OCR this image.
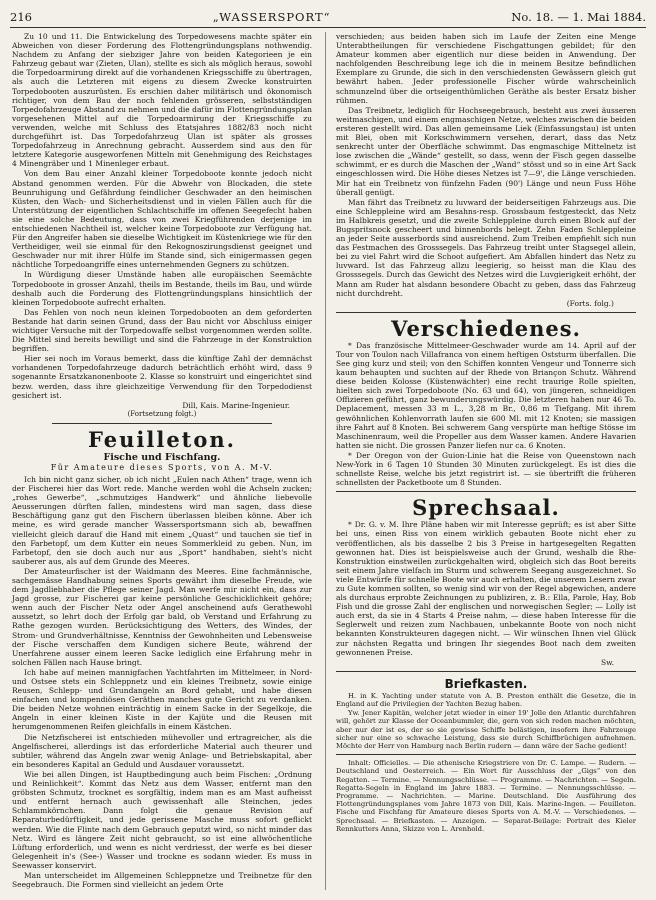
216	„WASSERSPORT“	No. 18. — 1. Mai 1884.

Zu 10 und 11. Die Entwickelung des Torpedowesens machte später ein Abweichen von dieser Forderung des Flottengründungsplans nothwendig. Nachdem zu Anfang der siebziger Jahre von beiden Kategorieen je ein Fahrzeug gebaut war (Zieten, Ulan), stellte es sich als möglich heraus, sowohl die Torpedoarmirung direkt auf die vorhandenen Kriegsschiffe zu übertragen, als auch die Letzteren mit eigens zu diesem Zwecke konstruirten Torpedobooten auszurüsten. Es erschien daher militärisch und ökonomisch richtiger, von dem Bau der noch fehlenden grösseren, selbstständigen Torpedofahrzeuge Abstand zu nehmen und die dafür im Flottengründungsplan vorgesehenen Mittel auf die Torpedoarmirung der Kriegsschiffe zu verwenden, welche mit Schluss des Etatsjahres 1882/83 noch nicht durchgeführt ist. Das Torpedofahrzeug Ulan ist später als grosses Torpedofahrzeug in Anrechnung gebracht. Ausserdem sind aus den für letztere Kategorie ausgeworfenen Mitteln mit Genehmigung des Reichstages 4 Minengräber und 1 Minenleger erbaut.

Von dem Bau einer Anzahl kleiner Torpedoboote konnte jedoch nicht Abstand genommen werden. Für die Abwehr von Blockaden, die stete Beunruhigung und Gefährdung feindlicher Geschwader an den heimischen Küsten, den Wach- und Sicherheitsdienst und in vielen Fällen auch für die Unterstützung der eigentlichen Schlachtschiffe im offenen Seegefecht haben sie eine solche Bedeutung, dass von zwei Kriegführenden derjenige im entschiedenen Nachtheil ist, welcher keine Torpedoboote zur Verfügung hat. Für den Angreifer haben sie dieselbe Wichtigkeit im Küstenkriege wie für den Vertheidiger, weil sie einmal für den Rekognoszirungsdienst geeignet und Geschwader nur mit ihrer Hülfe im Stande sind, sich einigermassen gegen nächtliche Torpedoangriffe eines unternehmenden Gegners zu schützen.

In Würdigung dieser Umstände haben alle europäischen Seemächte Torpedoboote in grosser Anzahl, theils im Bestande, theils im Bau, und würde deshalb auch die Forderung des Flottengründungsplans hinsichtlich der kleinen Torpedoboote aufrecht erhalten.

Das Fehlen von noch neun kleinen Torpedobooten an dem geforderten Bestande hat darin seinen Grund, dass der Bau nicht vor Abschluss einiger wichtiger Versuche mit der Torpedowaffe selbst vorgenommen werden sollte. Die Mittel sind bereits bewilligt und sind die Fahrzeuge in der Konstruktion begriffen.

Hier sei noch im Voraus bemerkt, dass die künftige Zahl der demnächst vorhandenen Torpedofahrzeuge dadurch beträchtlich erhöht wird, dass 9 sogenannte Ersatzkanonenboote 2. Klasse so konstruirt und eingerichtet sind bezw. werden, dass ihre gleichzeitige Verwendung für den Torpedodienst gesichert ist.

Dill, Kais. Marine-Ingenieur.
(Fortsetzung folgt.)
Feuilleton.
Fische und Fischfang.
Für Amateure dieses Sports, von A. M-V.

Ich bin nicht ganz sicher, ob ich nicht „Eulen nach Athen“ trage, wenn ich der Fischerei hier das Wort rede. Manche werden wohl die Achseln zucken; „rohes Gewerbe“, „schmutziges Handwerk“ und ähnliche liebevolle Aeusserungen dürften fallen, mindestens wird man sagen, dass diese Beschäftigung ganz gut den Fischern überlassen bleiben könne. Aber ich meine, es wird gerade mancher Wassersportsmann sich ab, bewaffnen vielleicht gleich darauf die Hand mit einem „Quast“ und tauchen sie tief in den Farbetopf, um dem Kutter ein neues Sommerkleid zu geben. Nun, im Farbetopf, den sie doch auch nur aus „Sport“ handhaben, sieht's nicht sauberer aus, als auf dem Grunde des Meeres.

Der Amateurfischer ist der Waidmann des Meeres. Eine fachmännische, sachgemässe Handhabung seines Sports gewährt ihm dieselbe Freude, wie dem Jagdliebhaber die Pflege seiner Jagd. Man werfe mir nicht ein, dass zur Jagd grosse, zur Fischerei gar keine persönliche Geschicklichkeit gehöre; wenn auch der Fischer Netz oder Angel anscheinend aufs Gerathewohl aussetzt, so lehrt doch der Erfolg gar bald, ob Verstand und Erfahrung zu Rathe gezogen wurden. Berücksichtigung des Wetters, des Windes, der Strom- und Grundverhältnisse, Kenntniss der Gewohnheiten und Lebensweise der Fische verschaffen dem Kundigen sichere Beute, während der Unerfahrene ausser einem leeren Sacke lediglich eine Erfahrung mehr in solchen Fällen nach Hause bringt.

Ich habe auf meinen mannigfachen Yachtfahrten im Mittelmeer, in Nord- und Ostsee stets ein Schleppnetz und ein kleines Treibnetz, sowie einige Reusen, Schlepp- und Grundangeln an Bord gehabt, und habe diesen einfachen und kompendiösen Geräthen manches gute Gericht zu verdanken. Die beiden Netze wohnen einträchtig in einem Sacke in der Segelkoje, die Angeln in einer kleinen Kiste in der Kajüte und die Reusen mit herumgenommenen Reifen gleichfalls in einem Kästchen.

Die Netzfischerei ist entschieden mühevoller und ertragreicher, als die Angelfischerei, allerdings ist das erforderliche Material auch theurer und subtiler, während das Angeln zwar wenig Anlage- und Betriebskapital, aber ein besonderes Kapital an Geduld und Ausdauer voraussetzt.

Wie bei allen Dingen, ist Hauptbedingung auch beim Fischen: „Ordnung und Reinlichkeit“. Kommt das Netz aus dem Wasser, entfernt man den gröbsten Schmutz, trocknet es sorgfältig, indem man es am Mast aufheisst und entfernt hernach auch gewissenhaft alle Steinchen, jedes Schlammkörnchen. Dann folgt die genaue Revision auf Reparaturbedürftigkeit, und jede gerissene Masche muss sofort geflickt werden. Wie die Flinte nach dem Gebrauch geputzt wird, so nicht minder das Netz. Wird es längere Zeit nicht gebraucht, so ist eine allwöchentliche Lüftung erforderlich, und wenn es nicht verdriesst, der werfe es bei dieser Gelegenheit in's (See-) Wasser und trockne es sodann wieder. Es muss in Seewasser konservirt.

Man unterscheidet im Allgemeinen Schleppnetze und Treibnetze für den Seegebrauch. Die Formen sind vielleicht an jedem Orte

verschieden; aus beiden haben sich im Laufe der Zeiten eine Menge Unterabtheilungen für verschiedene Fischgattungen gebildet; für den Amateur kommen aber eigentlich nur diese beiden in Anwendung. Der nachfolgenden Beschreibung lege ich die in meinem Besitze befindlichen Exemplare zu Grunde, die sich in den verschiedensten Gewässern gleich gut bewährt haben. Jeder professionelle Fischer würde wahrscheinlich schmunzelnd über die ortseigenthümlichen Geräthe als bester Ersatz bisher rühmen.

Das Treibnetz, lediglich für Hochseegebrauch, besteht aus zwei äusseren weitmaschigen, und einem engmaschigen Netze, welches zwischen die beiden ersteren gestellt wird. Das allen gemeinsame Liek (Einfassungstau) ist unten mit Blei, oben mit Korkschwimmern versehen, derart, dass das Netz senkrecht unter der Oberfläche schwimmt. Das engmaschige Mittelnetz ist lose zwischen die „Wände“ gestellt, so dass, wenn der Fisch gegen dasselbe schwimmt, er es durch die Maschen der „Wand“ stösst und so in eine Art Sack eingeschlossen wird. Die Höhe dieses Netzes ist 7—9', die Länge verschieden. Mir hat ein Treibnetz von fünfzehn Faden (90') Länge und neun Fuss Höhe überall genügt.

Man fährt das Treibnetz zu luvward der beiderseitigen Fahrzeugs aus. Die eine Schleppleine wird am Besahns-resp. Grossbaum festgesteckt, das Netz im Halbkreis gesetzt, und die zweite Schleppleine durch einen Block auf der Bugspritsnock gescheert und binnenbords belegt. Zehn Faden Schleppleine an jeder Seite ausserbords sind ausreichend. Zum Treiben empfiehlt sich nun das Festmachen des Grosssegels. Das Fahrzeug treibt unter Stagsegel allein, bei zu viel Fahrt wird die Schoot aufgefiert. Am Abfallen hindert das Netz zu luvward. Ist das Fahrzeug allzu leegierig, so heisst man die Klau des Grosssegels. Durch das Gewicht des Netzes wird die Luvgierigkeit erhöht, der Mann am Ruder hat alsdann besondere Obacht zu geben, dass das Fahrzeug nicht durchdreht.

(Forts. folg.)
Verschiedenes.

* Das französische Mittelmeer-Geschwader wurde am 14. April auf der Tour von Toulon nach Villafranca von einem heftigen Oststurm überfallen. Die See ging kurz und steil; von den Schiffen konnten Vengeur und Tonnerre sich kaum behaupten und suchten auf der Rhede von Briançon Schutz. Während diese beiden Kolosse (Küstenwächter) eine recht traurige Rolle spielten, hielten sich zwei Torpedoboote (No. 63 und 64), von jüngeren, schneidigen Offizieren geführt, ganz bewunderungswürdig. Die letzteren haben nur 46 To. Deplacement, messen 33 m L., 3,28 m Br., 0,86 m Tiefgang. Mit ihrem gewöhnlichen Kohlenvorrath laufen sie 600 Ml. mit 12 Knoten; sie massigen ihre Fahrt auf 8 Knoten. Bei schwerem Gang verspürte man heftige Stösse im Maschinenraum, weil die Propeller aus dem Wasser kamen. Andere Havarien hatten sie nicht. Die grossen Panzer liefen nur ca. 6 Knoten.

* Der Oregon von der Guion-Linie hat die Reise von Queenstown nach New-York in 6 Tagen 10 Stunden 30 Minuten zurückgelegt. Es ist dies die schnellste Reise, welche bis jetzt registrirt ist. — sie übertrifft die früheren schnellsten der Packetboote um 8 Stunden.

Sprechsaal.

* Dr. G. v. M. Ihre Pläne haben wir mit Interesse geprüft; es ist aber Sitte bei uns, einen Riss von einem wirklich gebauten Boote nicht eher zu veröffentlichen, als bis dasselbe 2 bis 3 Preise in hartgesegelten Regatten gewonnen hat. Dies ist beispielsweise auch der Grund, weshalb die Rhe-Konstruktion einstweilen zurückgehalten wird, obgleich sich das Boot bereits seit einem Jahre vielfach im Sturm und schwerem Seegang ausgezeichnet. So viele Entwürfe für schnelle Boote wir auch erhalten, die unserem Lesern zwar zu Gute kommen sollten, so wenig sind wir von der Regel abgewichen, andere als durchaus erprobte Zeichnungen zu publiziren, z. B.: Ella, Parole, Hay, Bob Fish und die grosse Zahl der englischen und norwegischen Segler; — Lolly ist auch erst, da sie in 4 Starts 4 Preise nahm, — diese haben Interesse für die Seglerwelt und reizen zum Nachbauen, unbekannte Boote von noch nicht bekannten Konstrukteuren dagegen nicht. — Wir wünschen Ihnen viel Glück zur nächsten Regatta und bringen Ihr siegendes Boot nach dem zweiten gewonnenen Preise.

Sw.
Briefkasten.

H. in K. Yachting under statute von A. B. Preston enthält die Gesetze, die in England auf die Privilegien der Yachten Bezug haben.

Yw. Jener Kapitän, welcher jetzt wieder in einer 19' Jolle den Atlantic durchfahren will, gehört zur Klasse der Oceanbummler, die, gern von sich reden machen möchten, aber nur der ist es, der so sie gewisse Schiffe belästigen, insofern ihre Fahrzeuge sicher nur eine so schwache Leistung, dass sie durch Schiffbrüchigen aufnehmen. Möchte der Herr von Hamburg nach Berlin rudern — dann wäre der Sache gedient!

Inhalt: Officielles. — Die athenische Kriegstriere von Dr. C. Lampe. — Rudern. — Deutschland und Oesterreich. — Ein Wort für Ausschluss der „Gigs“ von den Regatten. — Termine. — Nennungsschlüsse. — Programme. — Nachrichten. — Segeln. Regatta-Segeln in England im Jahre 1883. — Termine. — Nennungsschlüsse. — Programme. — Nachrichten. — Marine. Deutschland. Die Ausführung des Flottengründungsplanes vom Jahre 1873 von Dill, Kais. Marine-Ingen. — Feuilleton. Fische und Fischfang für Amateure dieses Sports von A. M.-V. — Verschiedenes. — Sprechsaal. — Briefkasten. — Anzeigen. — Separat-Beilage: Portrait des Kieler Rennkutters Anna, Skizze von L. Arenhold.
